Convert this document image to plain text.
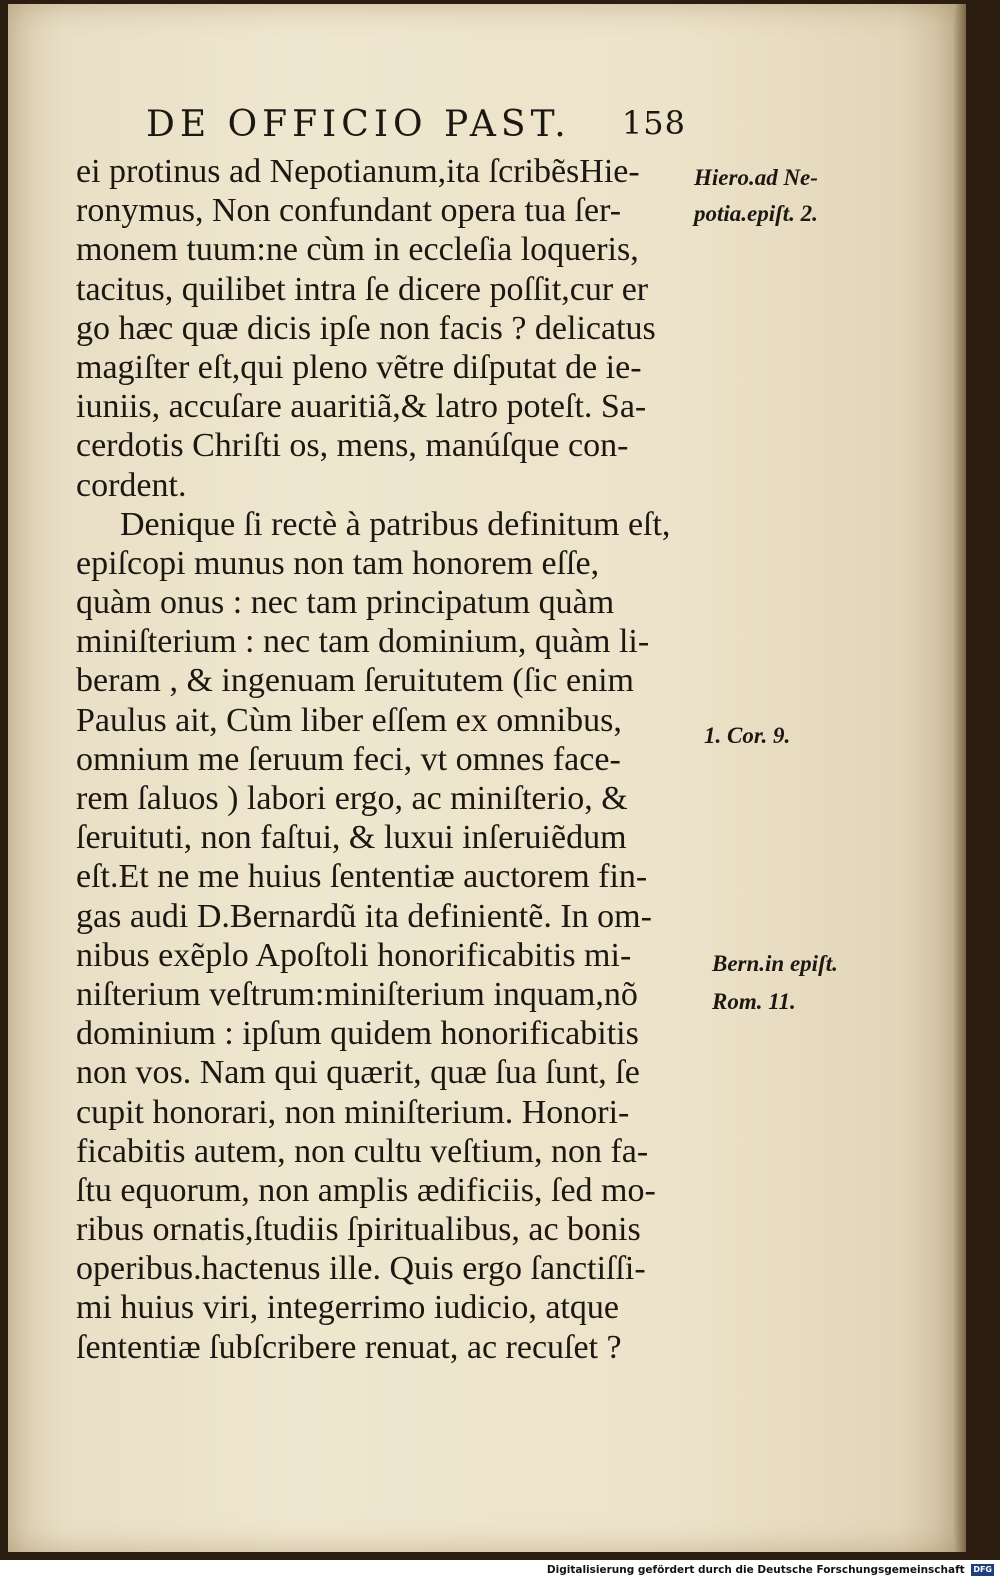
DE OFFICIO PAST. 158
ei protinus ad Nepotianum,ita ſcribẽsHie-
ronymus, Non confundant opera tua ſer-
monem tuum:ne cùm in eccleſia loqueris,
tacitus, quilibet intra ſe dicere poſſit,cur er
go hæc quæ dicis ipſe non facis ? delicatus
magiſter eſt,qui pleno vẽtre diſputat de ie-
iuniis, accuſare auaritiã,& latro poteſt. Sa-
cerdotis Chriſti os, mens, manúſque con-
cordent.
Denique ſi rectè à patribus definitum eſt,
epiſcopi munus non tam honorem eſſe,
quàm onus : nec tam principatum quàm
miniſterium : nec tam dominium, quàm li-
beram , & ingenuam ſeruitutem (ſic enim
Paulus ait, Cùm liber eſſem ex omnibus,
omnium me ſeruum feci, vt omnes face-
rem ſaluos ) labori ergo, ac miniſterio, &
ſeruituti, non faſtui, & luxui inſeruiẽdum
eſt.Et ne me huius ſententiæ auctorem fin-
gas audi D.Bernardũ ita definientẽ. In om-
nibus exẽplo Apoſtoli honorificabitis mi-
niſterium veſtrum:miniſterium inquam,nõ
dominium : ipſum quidem honorificabitis
non vos. Nam qui quærit, quæ ſua ſunt, ſe
cupit honorari, non miniſterium. Honori-
ficabitis autem, non cultu veſtium, non fa-
ſtu equorum, non amplis ædificiis, ſed mo-
ribus ornatis,ſtudiis ſpiritualibus, ac bonis
operibus.hactenus ille. Quis ergo ſanctiſſi-
mi huius viri, integerrimo iudicio, atque
ſententiæ ſubſcribere renuat, ac recuſet ?
Hiero.ad Ne-
potia.epiſt. 2.
1. Cor. 9.
Bern.in epiſt.
Rom. 11.
Digitalisierung gefördert durch die Deutsche Forschungsgemeinschaft DFG
